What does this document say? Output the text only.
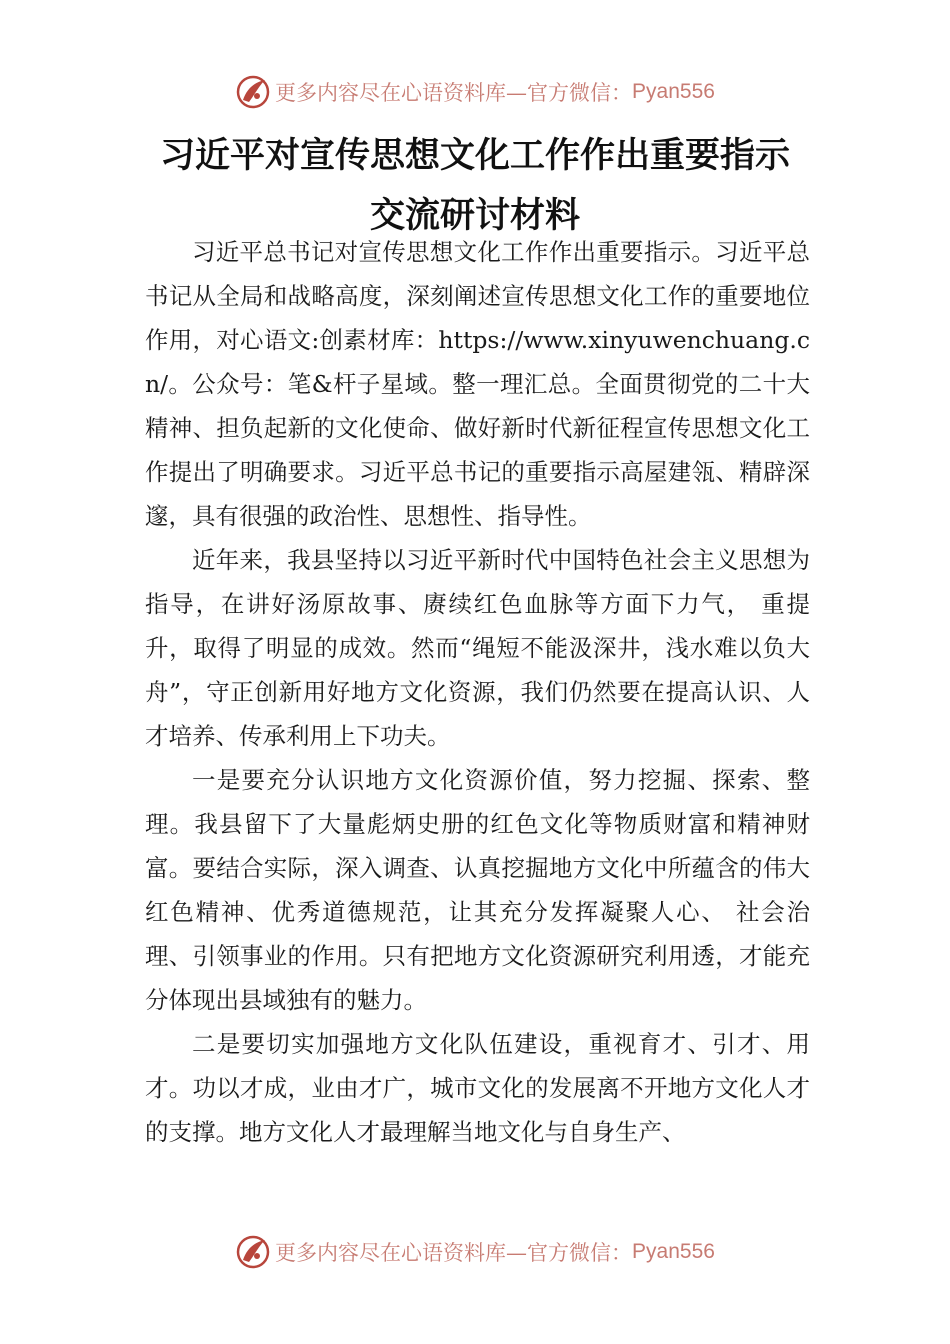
更多内容尽在心语资料库—官方微信： Pyan556
习近平对宣传思想文化工作作出重要指示
交流研讨材料

习近平总书记对宣传思想文化工作作出重要指示。习近平总书记从全局和战略高度，深刻阐述宣传思想文化工作的重要地位作用，对心语文:创素材库：https://www.xinyuwenchuang.cn/。公众号：笔&杆子星域。整一理汇总。全面贯彻党的二十大精神、担负起新的文化使命、做好新时代新征程宣传思想文化工作提出了明确要求。习近平总书记的重要指示高屋建瓴、精辟深邃，具有很强的政治性、思想性、指导性。

近年来，我县坚持以习近平新时代中国特色社会主义思想为指导，在讲好汤原故事、赓续红色血脉等方面下力气， 重提升，取得了明显的成效。然而“绳短不能汲深井，浅水难以负大舟”，守正创新用好地方文化资源，我们仍然要在提高认识、人才培养、传承利用上下功夫。

一是要充分认识地方文化资源价值，努力挖掘、探索、整理。我县留下了大量彪炳史册的红色文化等物质财富和精神财富。要结合实际，深入调查、认真挖掘地方文化中所蕴含的伟大红色精神、优秀道德规范，让其充分发挥凝聚人心、 社会治理、引领事业的作用。只有把地方文化资源研究利用透，才能充分体现出县域独有的魅力。

二是要切实加强地方文化队伍建设，重视育才、引才、用才。功以才成，业由才广，城市文化的发展离不开地方文化人才的支撑。地方文化人才最理解当地文化与自身生产、

更多内容尽在心语资料库—官方微信： Pyan556
